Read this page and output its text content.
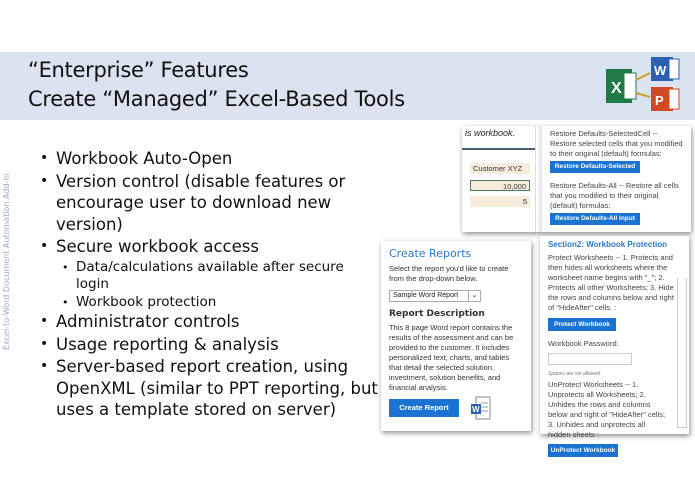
“Enterprise” Features
Create “Managed” Excel-Based Tools	X
W
P
Excel-to-Word Document Automation Add-In
• Workbook Auto-Open
• Version control (disable features or encourage user to download new version)
• Secure workbook access
• Data/calculations available after secure login
• Workbook protection
• Administrator controls
• Usage reporting & analysis
• Server-based report creation, using OpenXML (similar to PPT reporting, but uses a template stored on server)
is workbook.
Customer XYZ
10,000
5
Restore Defaults-SelectedCell -- Restore selected cells that you modified to their original (default) formulas:
Restore Defaults-Selected Cells
Restore Defaults-All -- Restore all cells that you modified to their original (default) formulas:
Restore Defaults-All Input Cells
Create Reports
Select the report you'd like to create from the drop-down below.
Sample Word Report	⌄
Report Description
This 8 page Word report contains the results of the assessment and can be provided to the customer. It includes personalized text, charts, and tables that detail the selected solution, investment, solution benefits, and financial analysis.
Create Report	W
Section2: Workbook Protection
Protect Worksheets -- 1. Protects and then hides all worksheets where the worksheet name begins with "_"; 2. Protects all other Worksheets; 3. Hide the rows and columns below and right of "HideAfter" cells. :
Protect Workbook
Workbook Password:
Spaces are not allowed.
UnProtect Worksheets -- 1. Unprotects all Worksheets; 2. Unhides the rows and columns below and right of "HideAfter" cells; 3. Unhides and unprotects all hidden sheets :
UnProtect Workbook
